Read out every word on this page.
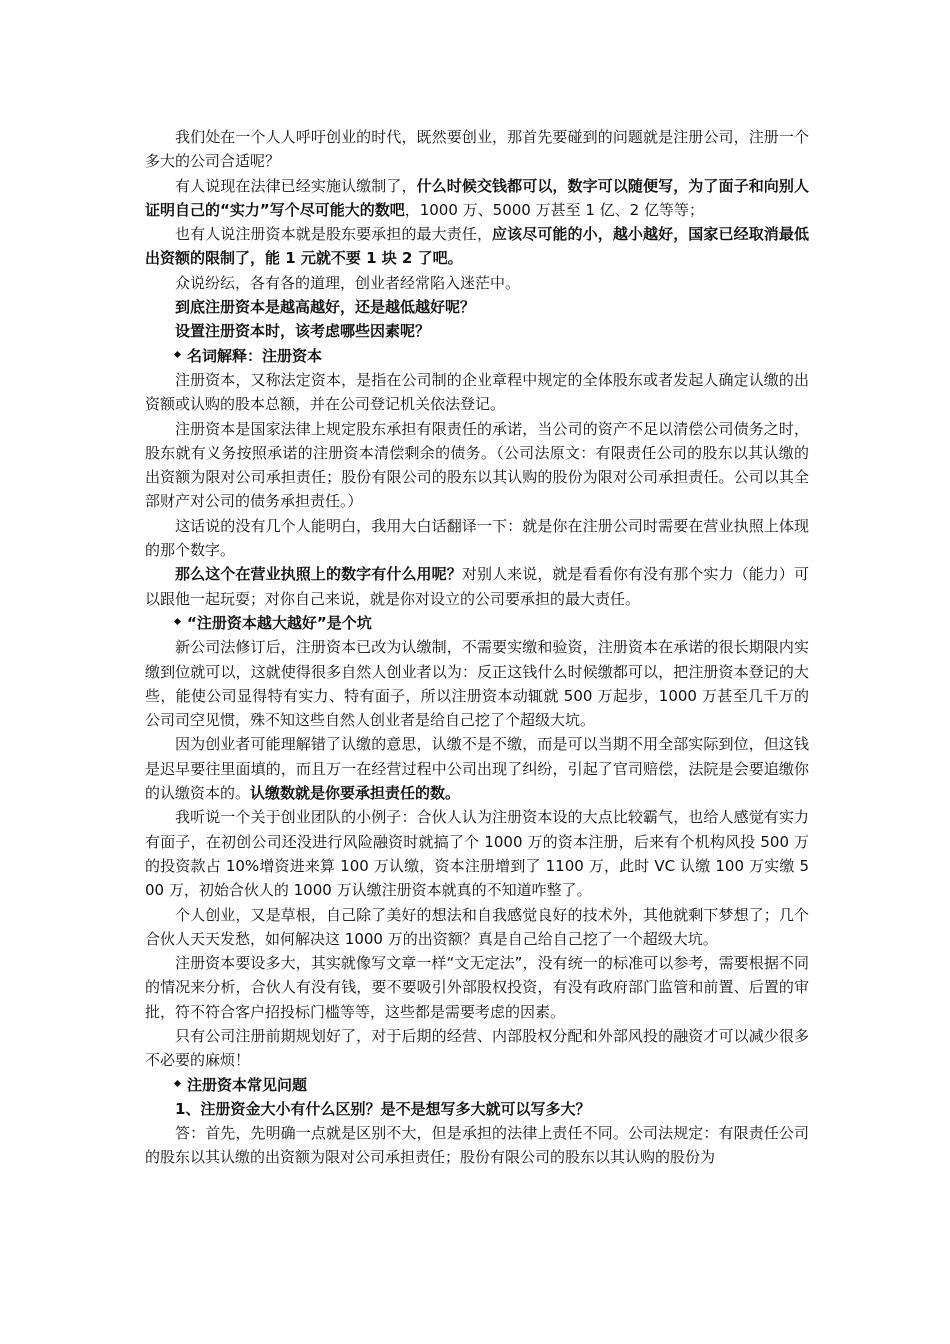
我们处在一个人人呼吁创业的时代，既然要创业，那首先要碰到的问题就是注册公司，注册一个多大的公司合适呢？

有人说现在法律已经实施认缴制了，什么时候交钱都可以，数字可以随便写，为了面子和向别人证明自己的“实力”写个尽可能大的数吧，1000 万、5000 万甚至 1 亿、2 亿等等；

也有人说注册资本就是股东要承担的最大责任，应该尽可能的小，越小越好，国家已经取消最低出资额的限制了，能 1 元就不要 1 块 2 了吧。

众说纷纭，各有各的道理，创业者经常陷入迷茫中。

到底注册资本是越高越好，还是越低越好呢？

设置注册资本时，该考虑哪些因素呢？

名词解释：注册资本

注册资本，又称法定资本，是指在公司制的企业章程中规定的全体股东或者发起人确定认缴的出资额或认购的股本总额，并在公司登记机关依法登记。

注册资本是国家法律上规定股东承担有限责任的承诺，当公司的资产不足以清偿公司债务之时，股东就有义务按照承诺的注册资本清偿剩余的债务。（公司法原文：有限责任公司的股东以其认缴的出资额为限对公司承担责任；股份有限公司的股东以其认购的股份为限对公司承担责任。公司以其全部财产对公司的债务承担责任。）

这话说的没有几个人能明白，我用大白话翻译一下：就是你在注册公司时需要在营业执照上体现的那个数字。

那么这个在营业执照上的数字有什么用呢？对别人来说，就是看看你有没有那个实力（能力）可以跟他一起玩耍；对你自己来说，就是你对设立的公司要承担的最大责任。

“注册资本越大越好”是个坑

新公司法修订后，注册资本已改为认缴制，不需要实缴和验资，注册资本在承诺的很长期限内实缴到位就可以，这就使得很多自然人创业者以为：反正这钱什么时候缴都可以，把注册资本登记的大些，能使公司显得特有实力、特有面子，所以注册资本动辄就 500 万起步，1000 万甚至几千万的公司司空见惯，殊不知这些自然人创业者是给自己挖了个超级大坑。

因为创业者可能理解错了认缴的意思，认缴不是不缴，而是可以当期不用全部实际到位，但这钱是迟早要往里面填的，而且万一在经营过程中公司出现了纠纷，引起了官司赔偿，法院是会要追缴你的认缴资本的。认缴数就是你要承担责任的数。

我听说一个关于创业团队的小例子：合伙人认为注册资本设的大点比较霸气，也给人感觉有实力有面子，在初创公司还没进行风险融资时就搞了个 1000 万的资本注册，后来有个机构风投 500 万的投资款占 10%增资进来算 100 万认缴，资本注册增到了 1100 万，此时 VC 认缴 100 万实缴 500 万，初始合伙人的 1000 万认缴注册资本就真的不知道咋整了。

个人创业，又是草根，自己除了美好的想法和自我感觉良好的技术外，其他就剩下梦想了；几个合伙人天天发愁，如何解决这 1000 万的出资额？真是自己给自己挖了一个超级大坑。

注册资本要设多大，其实就像写文章一样“文无定法”，没有统一的标准可以参考，需要根据不同的情况来分析，合伙人有没有钱，要不要吸引外部股权投资，有没有政府部门监管和前置、后置的审批，符不符合客户招投标门槛等等，这些都是需要考虑的因素。

只有公司注册前期规划好了，对于后期的经营、内部股权分配和外部风投的融资才可以减少很多不必要的麻烦！

注册资本常见问题

1、注册资金大小有什么区别？是不是想写多大就可以写多大？

答：首先，先明确一点就是区别不大，但是承担的法律上责任不同。公司法规定：有限责任公司的股东以其认缴的出资额为限对公司承担责任；股份有限公司的股东以其认购的股份为
